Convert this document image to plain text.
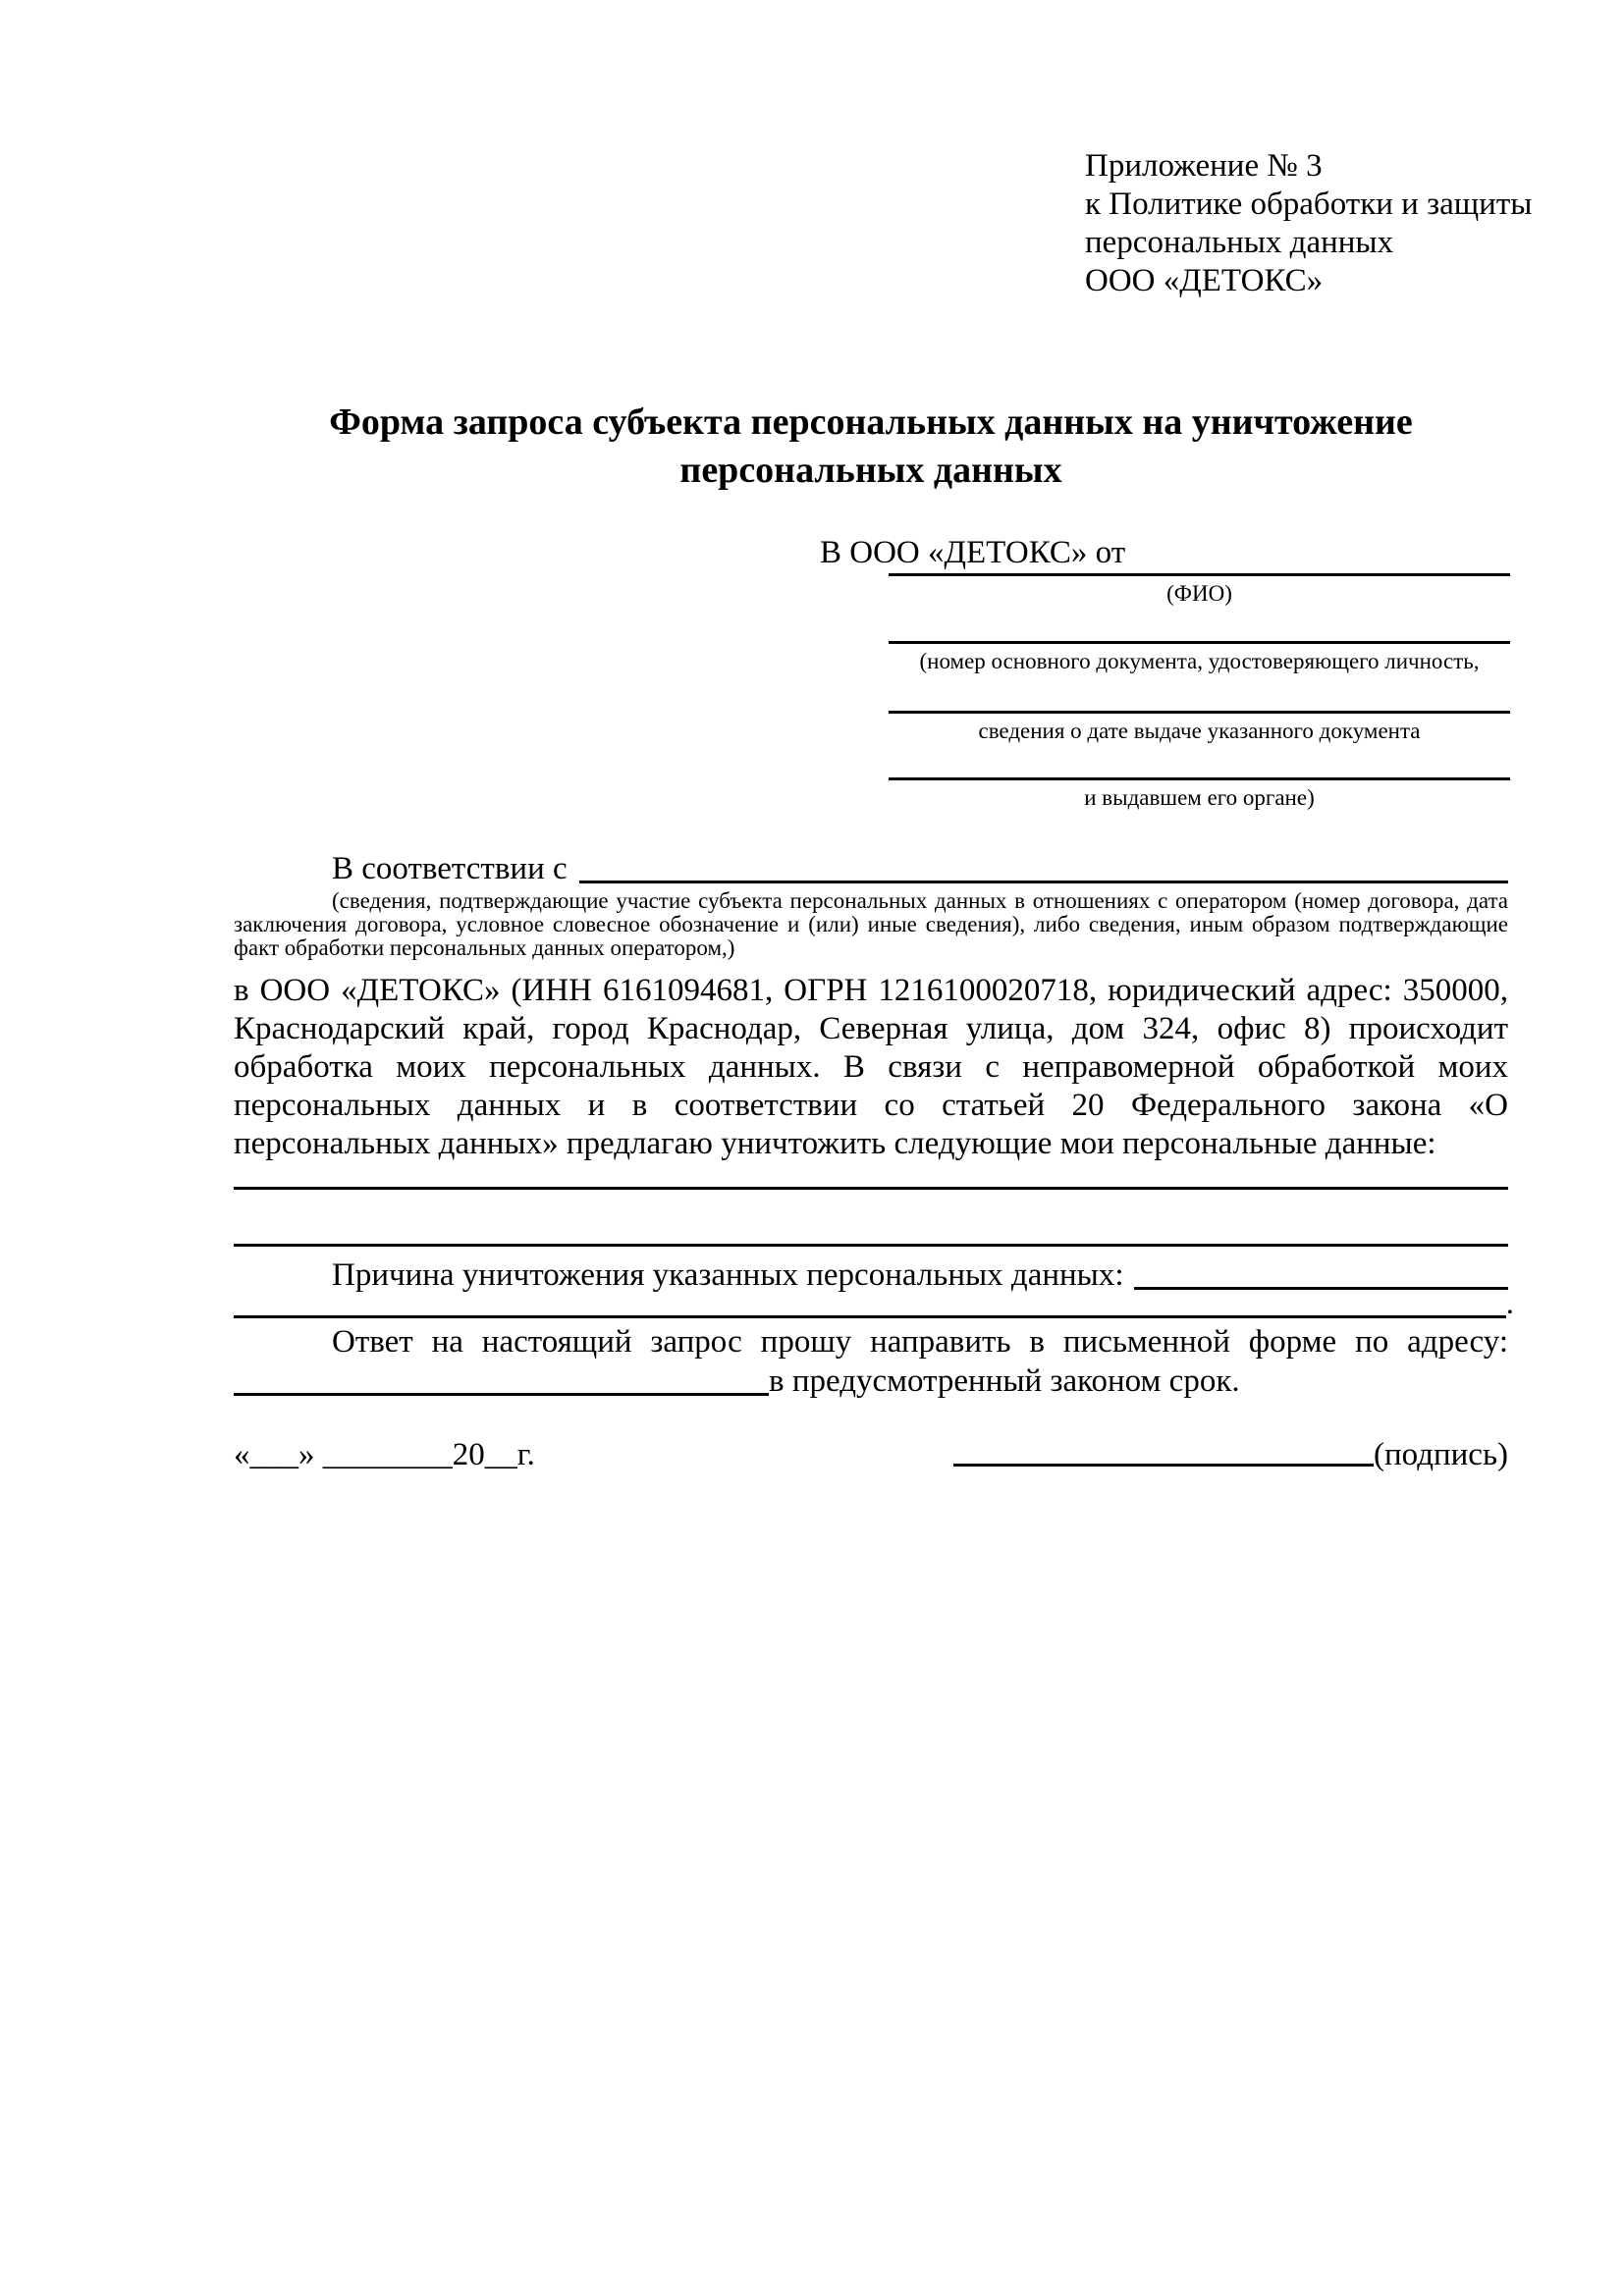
Приложение № 3
к Политике обработки и защиты
персональных данных
ООО «ДЕТОКС»
Форма запроса субъекта персональных данных на уничтожение
персональных данных
В ООО «ДЕТОКС» от
(ФИО)
(номер основного документа, удостоверяющего личность,
сведения о дате выдаче указанного документа
и выдавшем его органе)
В соответствии с
(сведения, подтверждающие участие субъекта персональных данных в отношениях с оператором (номер договора, дата заключения договора, условное словесное обозначение и (или) иные сведения), либо сведения, иным образом подтверждающие факт обработки персональных данных оператором,)
в ООО «ДЕТОКС» (ИНН 6161094681, ОГРН 1216100020718, юридический адрес: 350000, Краснодарский край, город Краснодар, Северная улица, дом 324, офис 8) происходит обработка моих персональных данных. В связи с неправомерной обработкой моих персональных данных и в соответствии со статьей 20 Федерального закона «О персональных данных» предлагаю уничтожить следующие мои персональные данные:
Причина уничтожения указанных персональных данных:
.
Ответ на настоящий запрос прошу направить в письменной форме по адресу:
в предусмотренный законом срок.
«___» ________20__г.	(подпись)
